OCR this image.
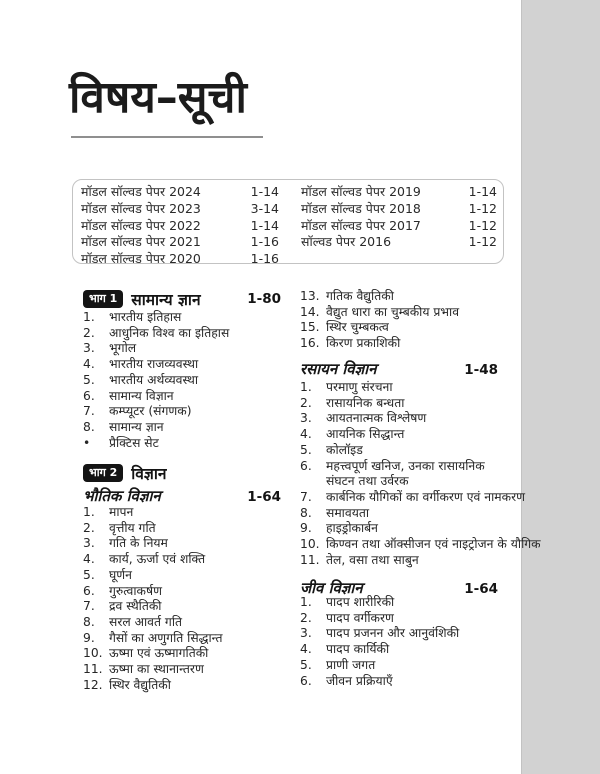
विषय–सूची
मॉडल सॉल्वड पेपर 2024	1-14
मॉडल सॉल्वड पेपर 2023	3-14
मॉडल सॉल्वड पेपर 2022	1-14
मॉडल सॉल्वड पेपर 2021	1-16
मॉडल सॉल्वड पेपर 2020	1-16
मॉडल सॉल्वड पेपर 2019	1-14
मॉडल सॉल्वड पेपर 2018	1-12
मॉडल सॉल्वड पेपर 2017	1-12
सॉल्वड पेपर 2016	1-12
भाग 1 सामान्य ज्ञान	1-80
1.	भारतीय इतिहास
2.	आधुनिक विश्व का इतिहास
3.	भूगोल
4.	भारतीय राजव्यवस्था
5.	भारतीय अर्थव्यवस्था
6.	सामान्य विज्ञान
7.	कम्प्यूटर (संगणक)
8.	सामान्य ज्ञान
•	प्रैक्टिस सेट
भाग 2 विज्ञान
भौतिक विज्ञान	1-64
1.	मापन
2.	वृत्तीय गति
3.	गति के नियम
4.	कार्य, ऊर्जा एवं शक्ति
5.	घूर्णन
6.	गुरुत्वाकर्षण
7.	द्रव स्थैतिकी
8.	सरल आवर्त गति
9.	गैसों का अणुगति सिद्धान्त
10. ऊष्मा एवं ऊष्मागतिकी
11. ऊष्मा का स्थानान्तरण
12. स्थिर वैद्युतिकी
13. गतिक वैद्युतिकी
14. वैद्युत धारा का चुम्बकीय प्रभाव
15. स्थिर चुम्बकत्व
16. किरण प्रकाशिकी
रसायन विज्ञान	1-48
1.	परमाणु संरचना
2.	रासायनिक बन्धता
3.	आयतनात्मक विश्लेषण
4.	आयनिक सिद्धान्त
5.	कोलॉइड
6.	महत्त्वपूर्ण खनिज, उनका रासायनिक
संघटन तथा उर्वरक
7.	कार्बनिक यौगिकों का वर्गीकरण एवं नामकरण
8.	समावयता
9.	हाइड्रोकार्बन
10. किण्वन तथा ऑक्सीजन एवं नाइट्रोजन के यौगिक
11. तेल, वसा तथा साबुन
जीव विज्ञान	1-64
1.	पादप शारीरिकी
2.	पादप वर्गीकरण
3.	पादप प्रजनन और आनुवंशिकी
4.	पादप कार्यिकी
5.	प्राणी जगत
6.	जीवन प्रक्रियाएँ
